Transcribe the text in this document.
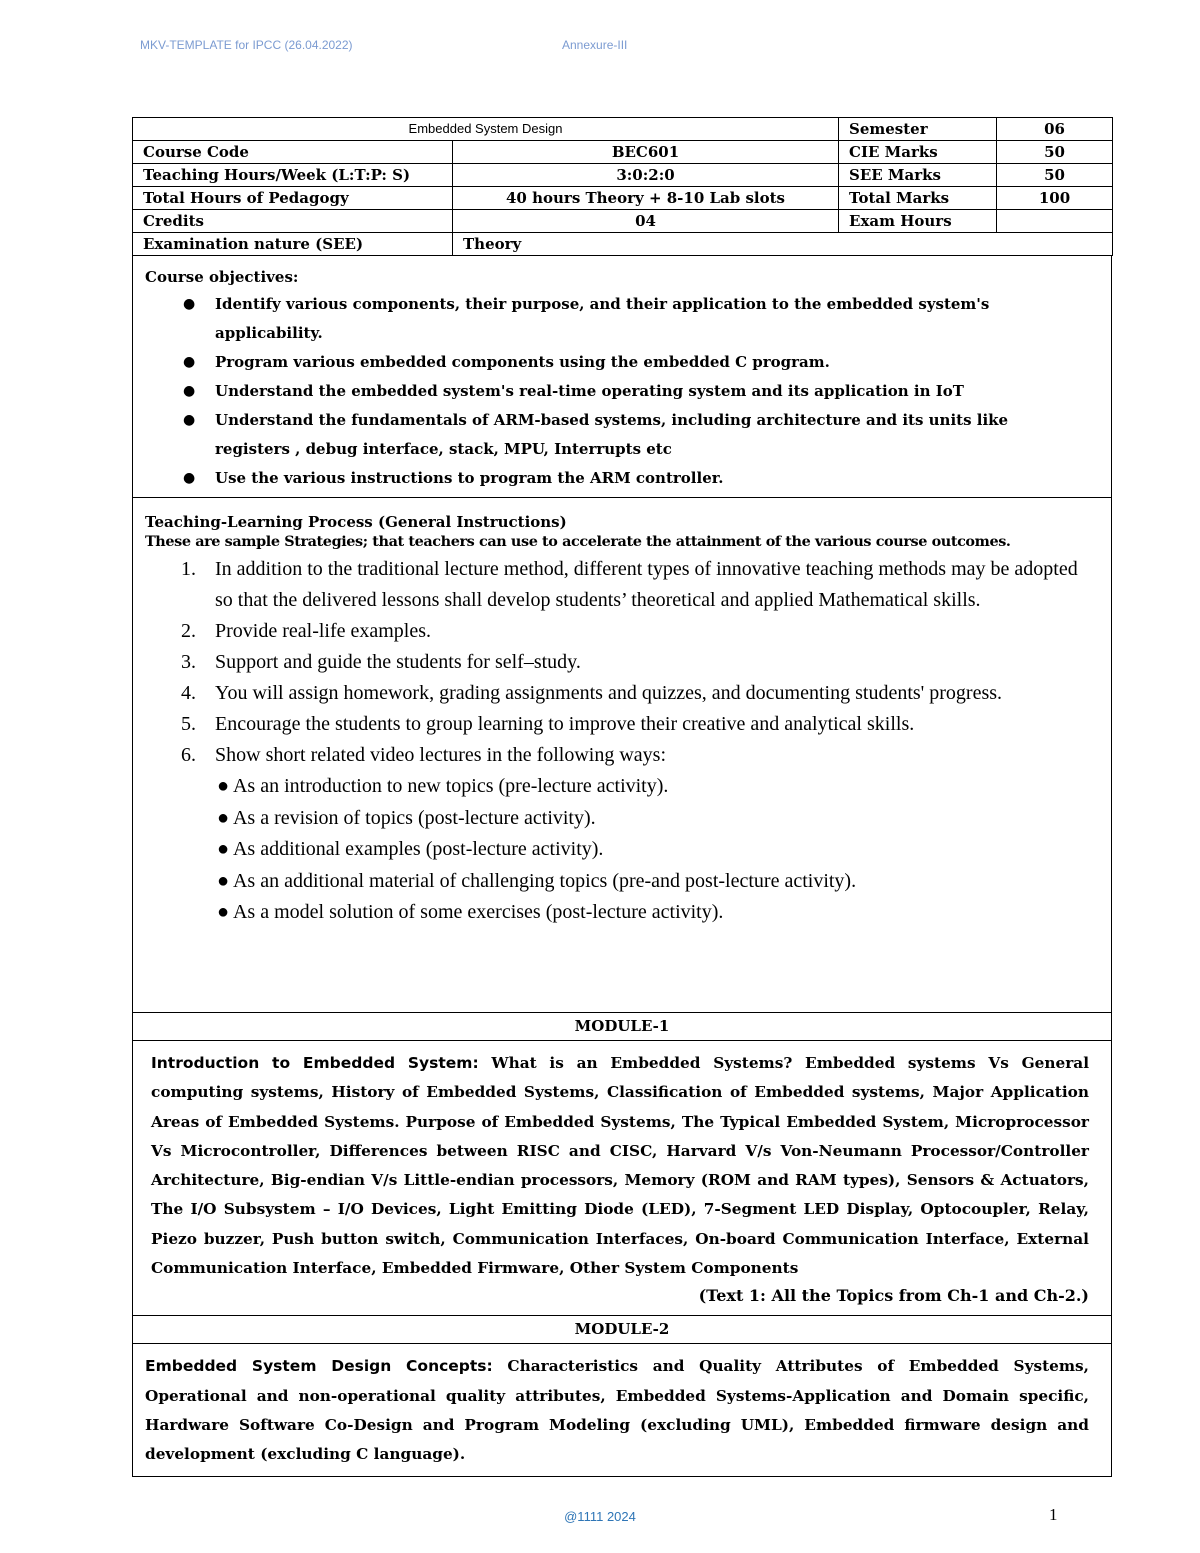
MKV-TEMPLATE for IPCC (26.04.2022)	Annexure-III
Embedded System Design		Semester	06
Course Code	BEC601	CIE Marks	50
Teaching Hours/Week (L:T:P: S)	3:0:2:0	SEE Marks	50
Total Hours of Pedagogy	40 hours Theory + 8-10 Lab slots	Total Marks	100
Credits	04	Exam Hours	
Examination nature (SEE)	Theory		
Course objectives:
● Identify various components, their purpose, and their application to the embedded system's applicability.
● Program various embedded components using the embedded C program.
● Understand the embedded system's real-time operating system and its application in IoT
● Understand the fundamentals of ARM-based systems, including architecture and its units like registers , debug interface, stack, MPU, Interrupts etc
● Use the various instructions to program the ARM controller.
Teaching-Learning Process (General Instructions)
These are sample Strategies; that teachers can use to accelerate the attainment of the various course outcomes.
1. In addition to the traditional lecture method, different types of innovative teaching methods may be adopted so that the delivered lessons shall develop students’ theoretical and applied Mathematical skills.
2. Provide real-life examples.
3. Support and guide the students for self–study.
4. You will assign homework, grading assignments and quizzes, and documenting students' progress.
5. Encourage the students to group learning to improve their creative and analytical skills.
6. Show short related video lectures in the following ways:
● As an introduction to new topics (pre-lecture activity).
● As a revision of topics (post-lecture activity).
● As additional examples (post-lecture activity).
● As an additional material of challenging topics (pre-and post-lecture activity).
● As a model solution of some exercises (post-lecture activity).
MODULE-1
Introduction to Embedded System: What is an Embedded Systems? Embedded systems Vs General computing systems, History of Embedded Systems, Classification of Embedded systems, Major Application Areas of Embedded Systems. Purpose of Embedded Systems, The Typical Embedded System, Microprocessor Vs Microcontroller, Differences between RISC and CISC, Harvard V/s Von-Neumann Processor/Controller Architecture, Big-endian V/s Little-endian processors, Memory (ROM and RAM types), Sensors & Actuators, The I/O Subsystem – I/O Devices, Light Emitting Diode (LED), 7-Segment LED Display, Optocoupler, Relay, Piezo buzzer, Push button switch, Communication Interfaces, On-board Communication Interface, External Communication Interface, Embedded Firmware, Other System Components
(Text 1: All the Topics from Ch-1 and Ch-2.)
MODULE-2
Embedded System Design Concepts: Characteristics and Quality Attributes of Embedded Systems, Operational and non-operational quality attributes, Embedded Systems-Application and Domain specific, Hardware Software Co-Design and Program Modeling (excluding UML), Embedded firmware design and development (excluding C language).
@1111 2024	1
